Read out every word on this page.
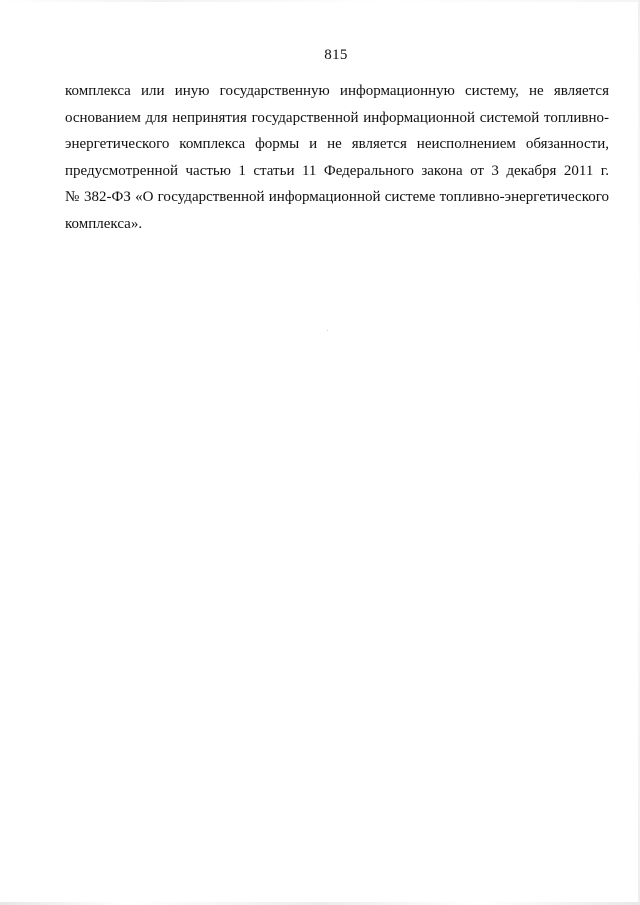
815
комплекса или иную государственную информационную систему, не является
основанием для непринятия государственной информационной системой топливно-
энергетического комплекса формы и не является неисполнением обязанности,
предусмотренной частью 1 статьи 11 Федерального закона от 3 декабря 2011 г.
№ 382-ФЗ «О государственной информационной системе топливно-энергетического
комплекса».
